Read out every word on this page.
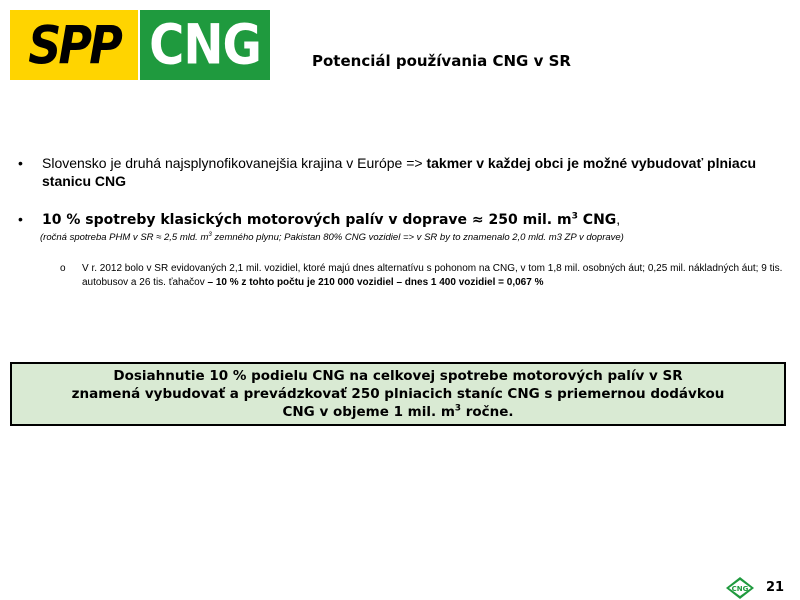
SPP CNG	Potenciál používania CNG v SR
•	Slovensko je druhá najsplynofikovanejšia krajina v Európe => takmer v každej obci je možné vybudovať plniacu stanicu CNG
•	10 % spotreby klasických motorových palív v doprave ≈ 250 mil. $m^3$ CNG,
(ročná spotreba PHM v SR ≈ 2,5 mld. $m^3$ zemného plynu; Pakistan 80% CNG vozidiel => v SR by to znamenalo 2,0 mld. m3 ZP v doprave)
o	V r. 2012 bolo v SR evidovaných 2,1 mil. vozidiel, ktoré majú dnes alternatívu s pohonom na CNG, v tom 1,8 mil. osobných áut; 0,25 mil. nákladných áut; 9 tis. autobusov a 26 tis. ťahačov – 10 % z tohto počtu je 210 000 vozidiel – dnes 1 400 vozidiel = 0,067 %
Dosiahnutie 10 % podielu CNG na celkovej spotrebe motorových palív v SR
znamená vybudovať a prevádzkovať 250 plniacich staníc CNG s priemernou dodávkou
CNG v objeme 1 mil. $m^3$ ročne.
CNG 21
